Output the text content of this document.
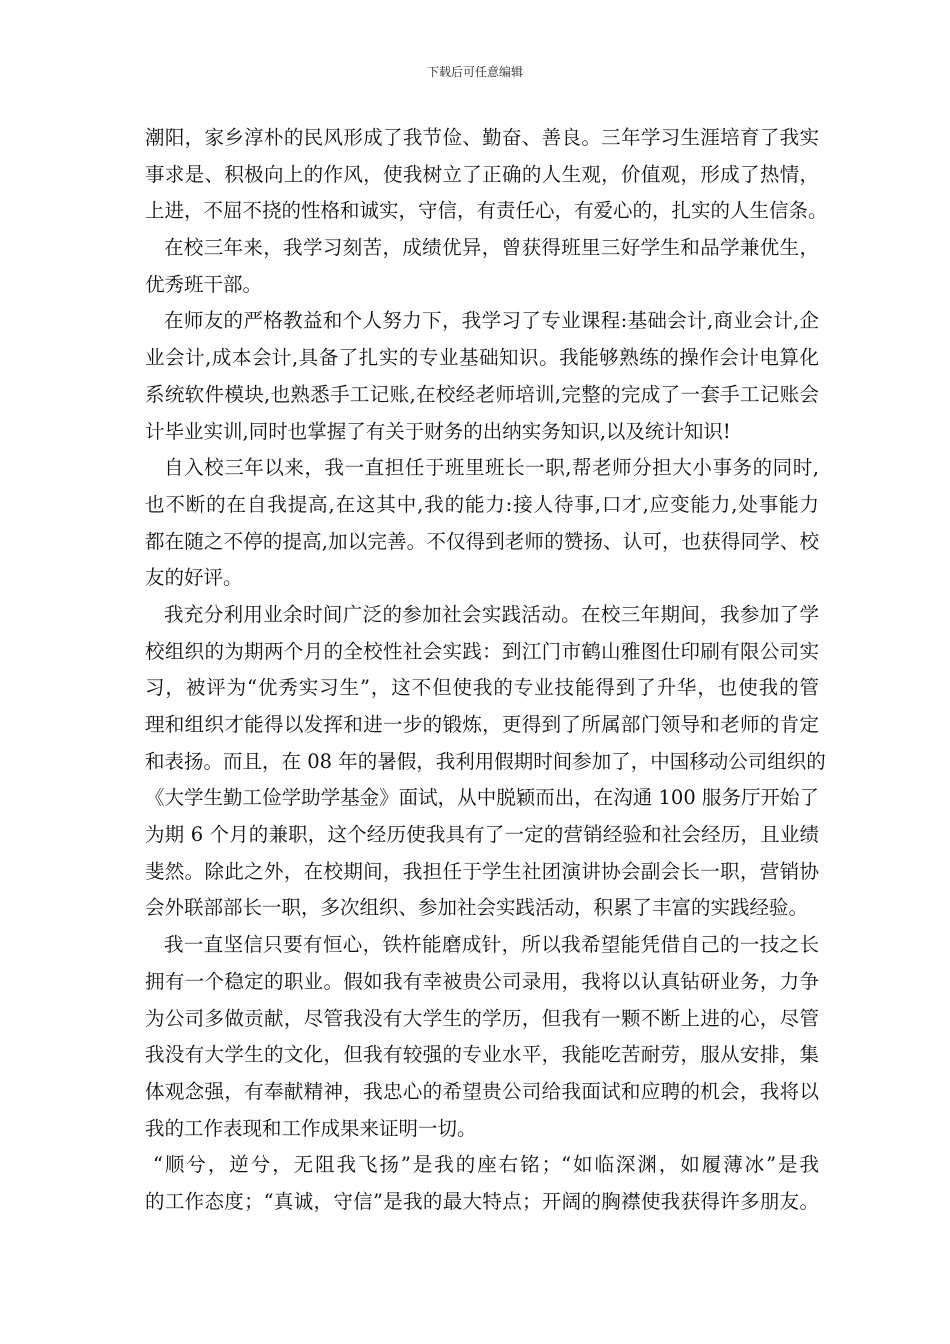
下载后可任意编辑
潮阳，家乡淳朴的民风形成了我节俭、勤奋、善良。三年学习生涯培育了我实
事求是、积极向上的作风，使我树立了正确的人生观，价值观，形成了热情，
上进，不屈不挠的性格和诚实，守信，有责任心，有爱心的，扎实的人生信条。
在校三年来，我学习刻苦，成绩优异，曾获得班里三好学生和品学兼优生，
优秀班干部。
在师友的严格教益和个人努力下，我学习了专业课程:基础会计,商业会计,企
业会计,成本会计,具备了扎实的专业基础知识。我能够熟练的操作会计电算化
系统软件模块,也熟悉手工记账,在校经老师培训,完整的完成了一套手工记账会
计毕业实训,同时也掌握了有关于财务的出纳实务知识,以及统计知识!
自入校三年以来，我一直担任于班里班长一职,帮老师分担大小事务的同时,
也不断的在自我提高,在这其中,我的能力:接人待事,口才,应变能力,处事能力
都在随之不停的提高,加以完善。不仅得到老师的赞扬、认可，也获得同学、校
友的好评。
我充分利用业余时间广泛的参加社会实践活动。在校三年期间，我参加了学
校组织的为期两个月的全校性社会实践：到江门市鹤山雅图仕印刷有限公司实
习，被评为“优秀实习生”，这不但使我的专业技能得到了升华，也使我的管
理和组织才能得以发挥和进一步的锻炼，更得到了所属部门领导和老师的肯定
和表扬。而且，在 08 年的暑假，我利用假期时间参加了，中国移动公司组织的
《大学生勤工俭学助学基金》面试，从中脱颖而出，在沟通 100 服务厅开始了
为期 6 个月的兼职，这个经历使我具有了一定的营销经验和社会经历，且业绩
斐然。除此之外，在校期间，我担任于学生社团演讲协会副会长一职，营销协
会外联部部长一职，多次组织、参加社会实践活动，积累了丰富的实践经验。
我一直坚信只要有恒心，铁杵能磨成针，所以我希望能凭借自己的一技之长
拥有一个稳定的职业。假如我有幸被贵公司录用，我将以认真钻研业务，力争
为公司多做贡献，尽管我没有大学生的学历，但我有一颗不断上进的心，尽管
我没有大学生的文化，但我有较强的专业水平，我能吃苦耐劳，服从安排，集
体观念强，有奉献精神，我忠心的希望贵公司给我面试和应聘的机会，我将以
我的工作表现和工作成果来证明一切。
“顺兮，逆兮，无阻我飞扬”是我的座右铭；“如临深渊，如履薄冰”是我
的工作态度；“真诚，守信”是我的最大特点；开阔的胸襟使我获得许多朋友。
